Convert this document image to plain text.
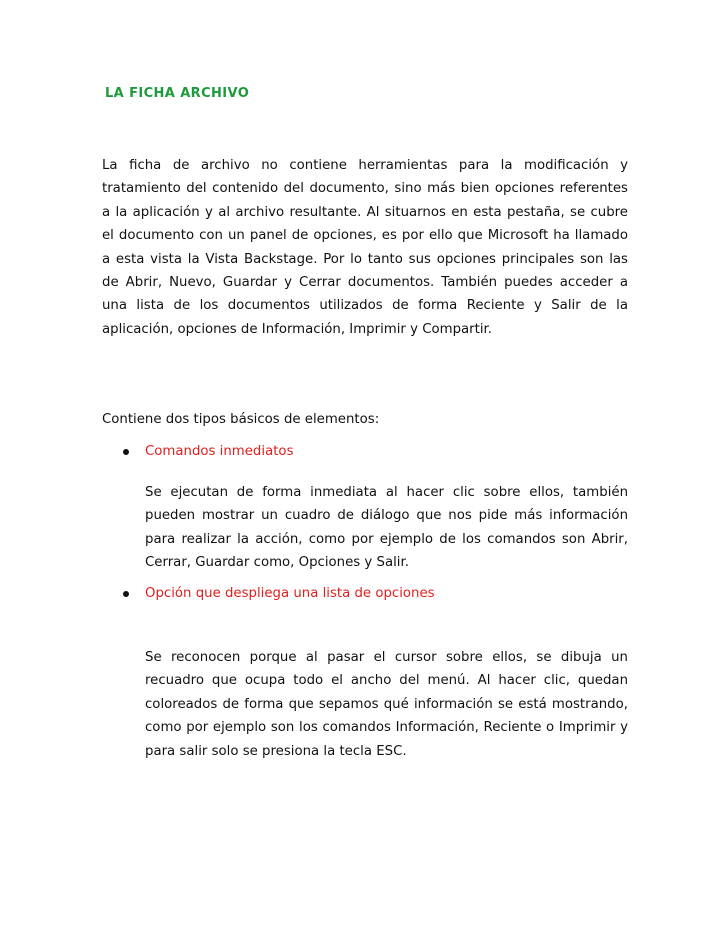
LA FICHA ARCHIVO

La ficha de archivo no contiene herramientas para la modificación y tratamiento del contenido del documento, sino más bien opciones referentes a la aplicación y al archivo resultante. Al situarnos en esta pestaña, se cubre el documento con un panel de opciones, es por ello que Microsoft ha llamado a esta vista la Vista Backstage. Por lo tanto sus opciones principales son las de Abrir, Nuevo, Guardar y Cerrar documentos. También puedes acceder a una lista de los documentos utilizados de forma Reciente y Salir de la aplicación, opciones de Información, Imprimir y Compartir.

Contiene dos tipos básicos de elementos:

Comandos inmediatos

Se ejecutan de forma inmediata al hacer clic sobre ellos, también pueden mostrar un cuadro de diálogo que nos pide más información para realizar la acción, como por ejemplo de los comandos son Abrir, Cerrar, Guardar como, Opciones y Salir.

Opción que despliega una lista de opciones

Se reconocen porque al pasar el cursor sobre ellos, se dibuja un recuadro que ocupa todo el ancho del menú. Al hacer clic, quedan coloreados de forma que sepamos qué información se está mostrando, como por ejemplo son los comandos Información, Reciente o Imprimir y para salir solo se presiona la tecla ESC.
